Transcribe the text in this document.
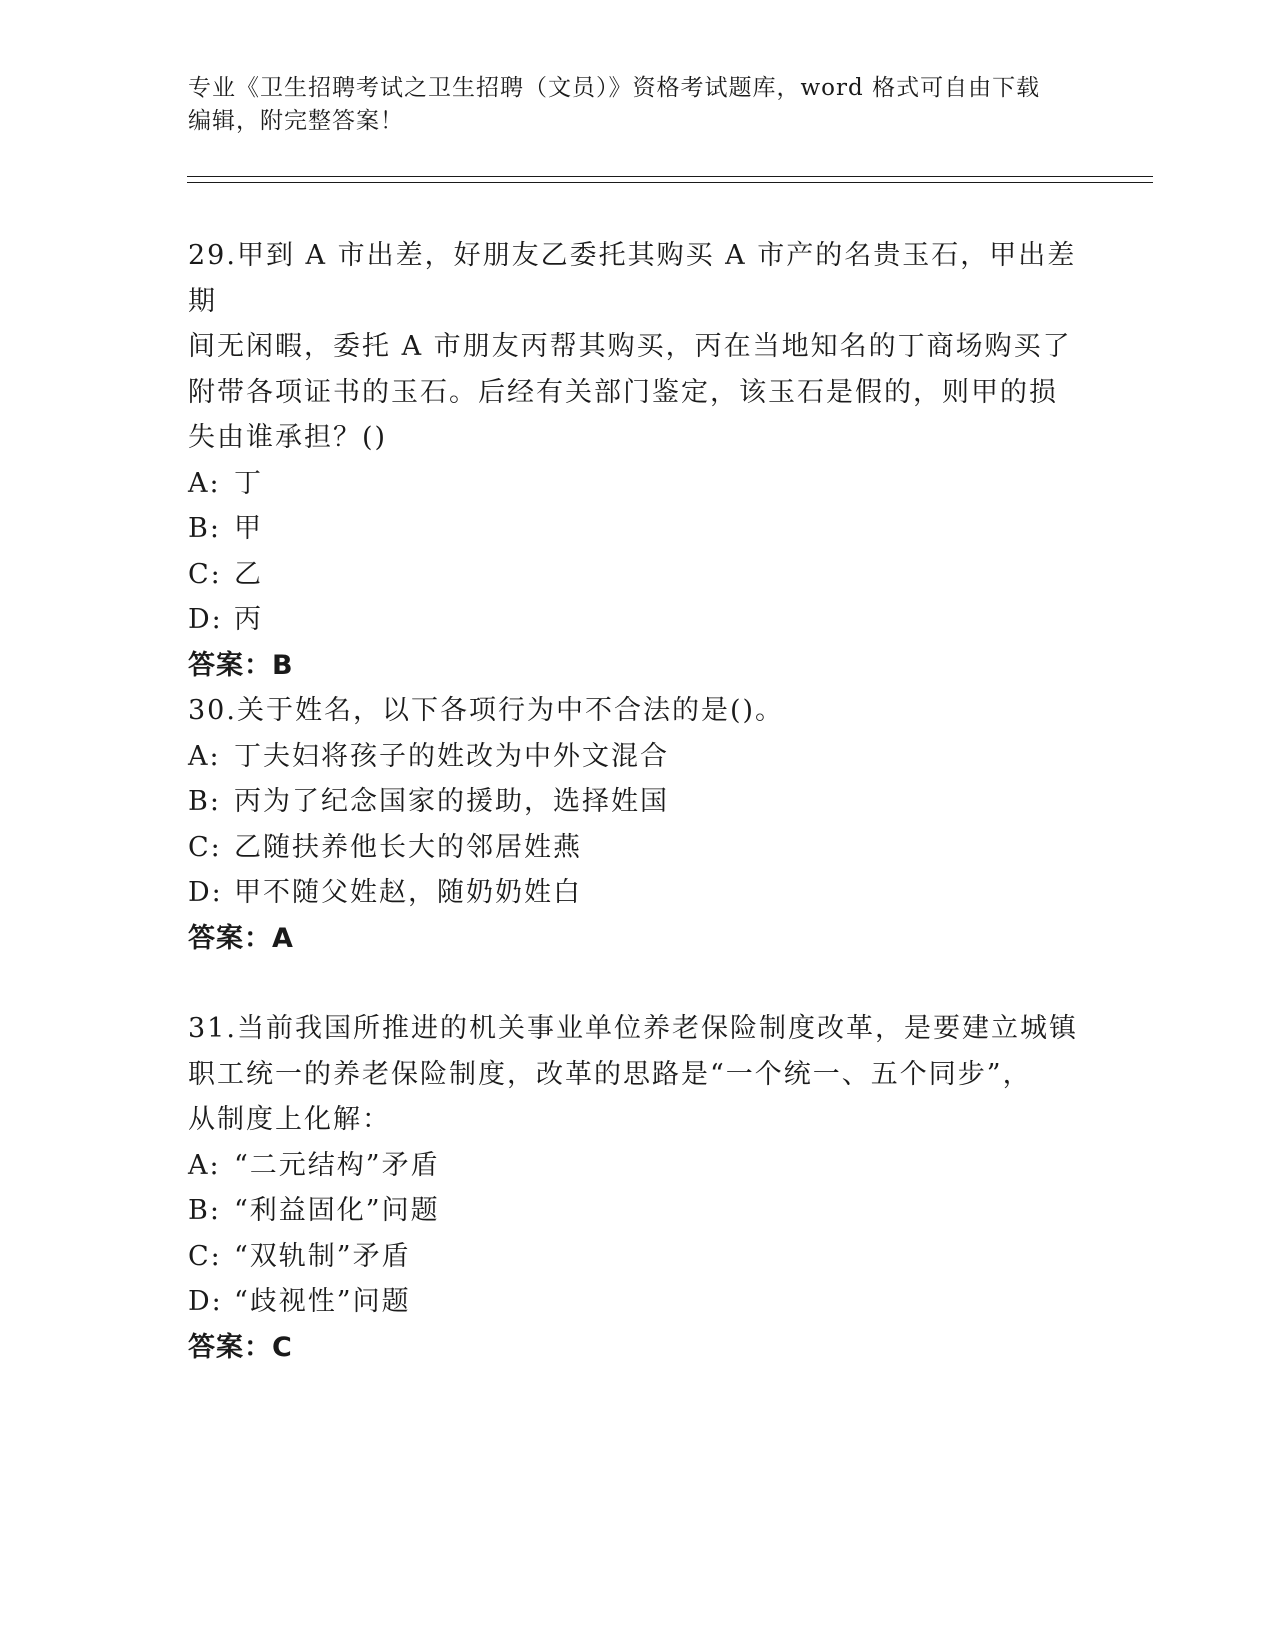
专业《卫生招聘考试之卫生招聘（文员）》资格考试题库，word 格式可自由下载
编辑，附完整答案！

29.甲到 A 市出差，好朋友乙委托其购买 A 市产的名贵玉石，甲出差期

间无闲暇，委托 A 市朋友丙帮其购买，丙在当地知名的丁商场购买了

附带各项证书的玉石。后经有关部门鉴定，该玉石是假的，则甲的损

失由谁承担？()

A: 丁

B: 甲

C: 乙

D: 丙

答案：B

30.关于姓名，以下各项行为中不合法的是()。

A: 丁夫妇将孩子的姓改为中外文混合

B: 丙为了纪念国家的援助，选择姓国

C: 乙随扶养他长大的邻居姓燕

D: 甲不随父姓赵，随奶奶姓白

答案：A

31.当前我国所推进的机关事业单位养老保险制度改革，是要建立城镇

职工统一的养老保险制度，改革的思路是“一个统一、五个同步”，

从制度上化解：

A: “二元结构”矛盾

B: “利益固化”问题

C: “双轨制”矛盾

D: “歧视性”问题

答案：C
